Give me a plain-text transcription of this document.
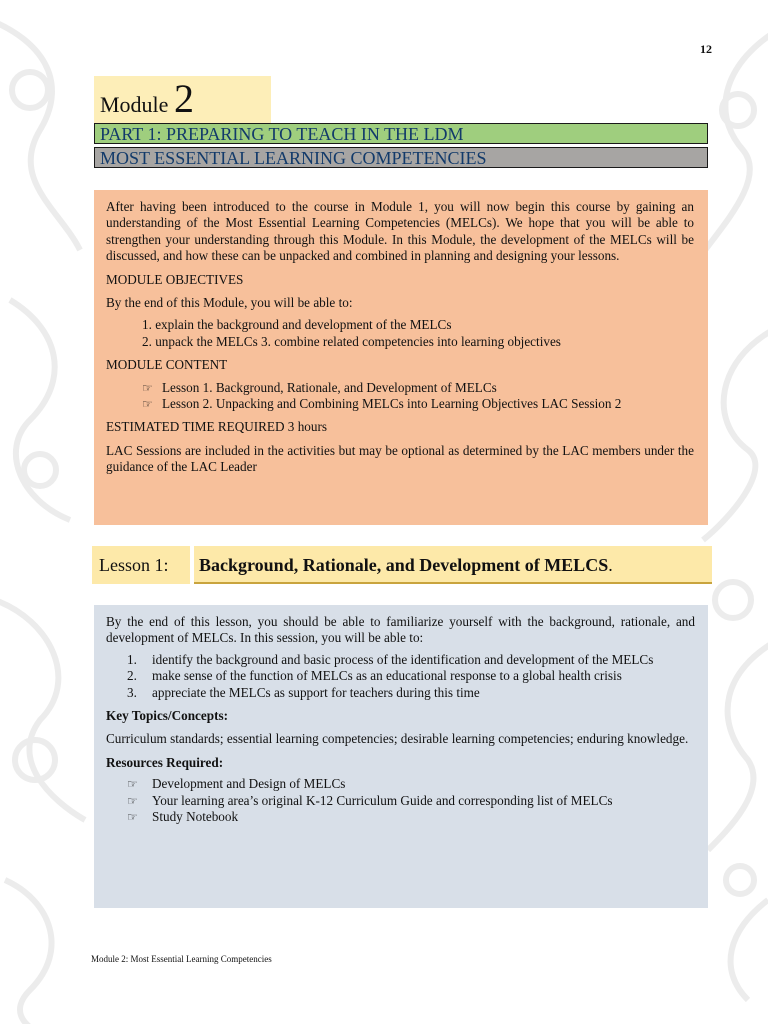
12
Module 2
PART 1: PREPARING TO TEACH IN THE LDM
MOST ESSENTIAL LEARNING COMPETENCIES

After having been introduced to the course in Module 1, you will now begin this course by gaining an understanding of the Most Essential Learning Competencies (MELCs). We hope that you will be able to strengthen your understanding through this Module. In this Module, the development of the MELCs will be discussed, and how these can be unpacked and combined in planning and designing your lessons.

MODULE OBJECTIVES

By the end of this Module, you will be able to:

1. explain the background and development of the MELCs
2. unpack the MELCs 3. combine related competencies into learning objectives

MODULE CONTENT

☞ Lesson 1. Background, Rationale, and Development of MELCs
☞ Lesson 2. Unpacking and Combining MELCs into Learning Objectives LAC Session 2

ESTIMATED TIME REQUIRED 3 hours

LAC Sessions are included in the activities but may be optional as determined by the LAC members under the guidance of the LAC Leader

Lesson 1:	Background, Rationale, and Development of MELCS.

By the end of this lesson, you should be able to familiarize yourself with the background, rationale, and development of MELCs. In this session, you will be able to:

1. identify the background and basic process of the identification and development of the MELCs
2. make sense of the function of MELCs as an educational response to a global health crisis
3. appreciate the MELCs as support for teachers during this time

Key Topics/Concepts:

Curriculum standards; essential learning competencies; desirable learning competencies; enduring knowledge.

Resources Required:

☞ Development and Design of MELCs
☞ Your learning area’s original K-12 Curriculum Guide and corresponding list of MELCs
☞ Study Notebook
Module 2: Most Essential Learning Competencies
